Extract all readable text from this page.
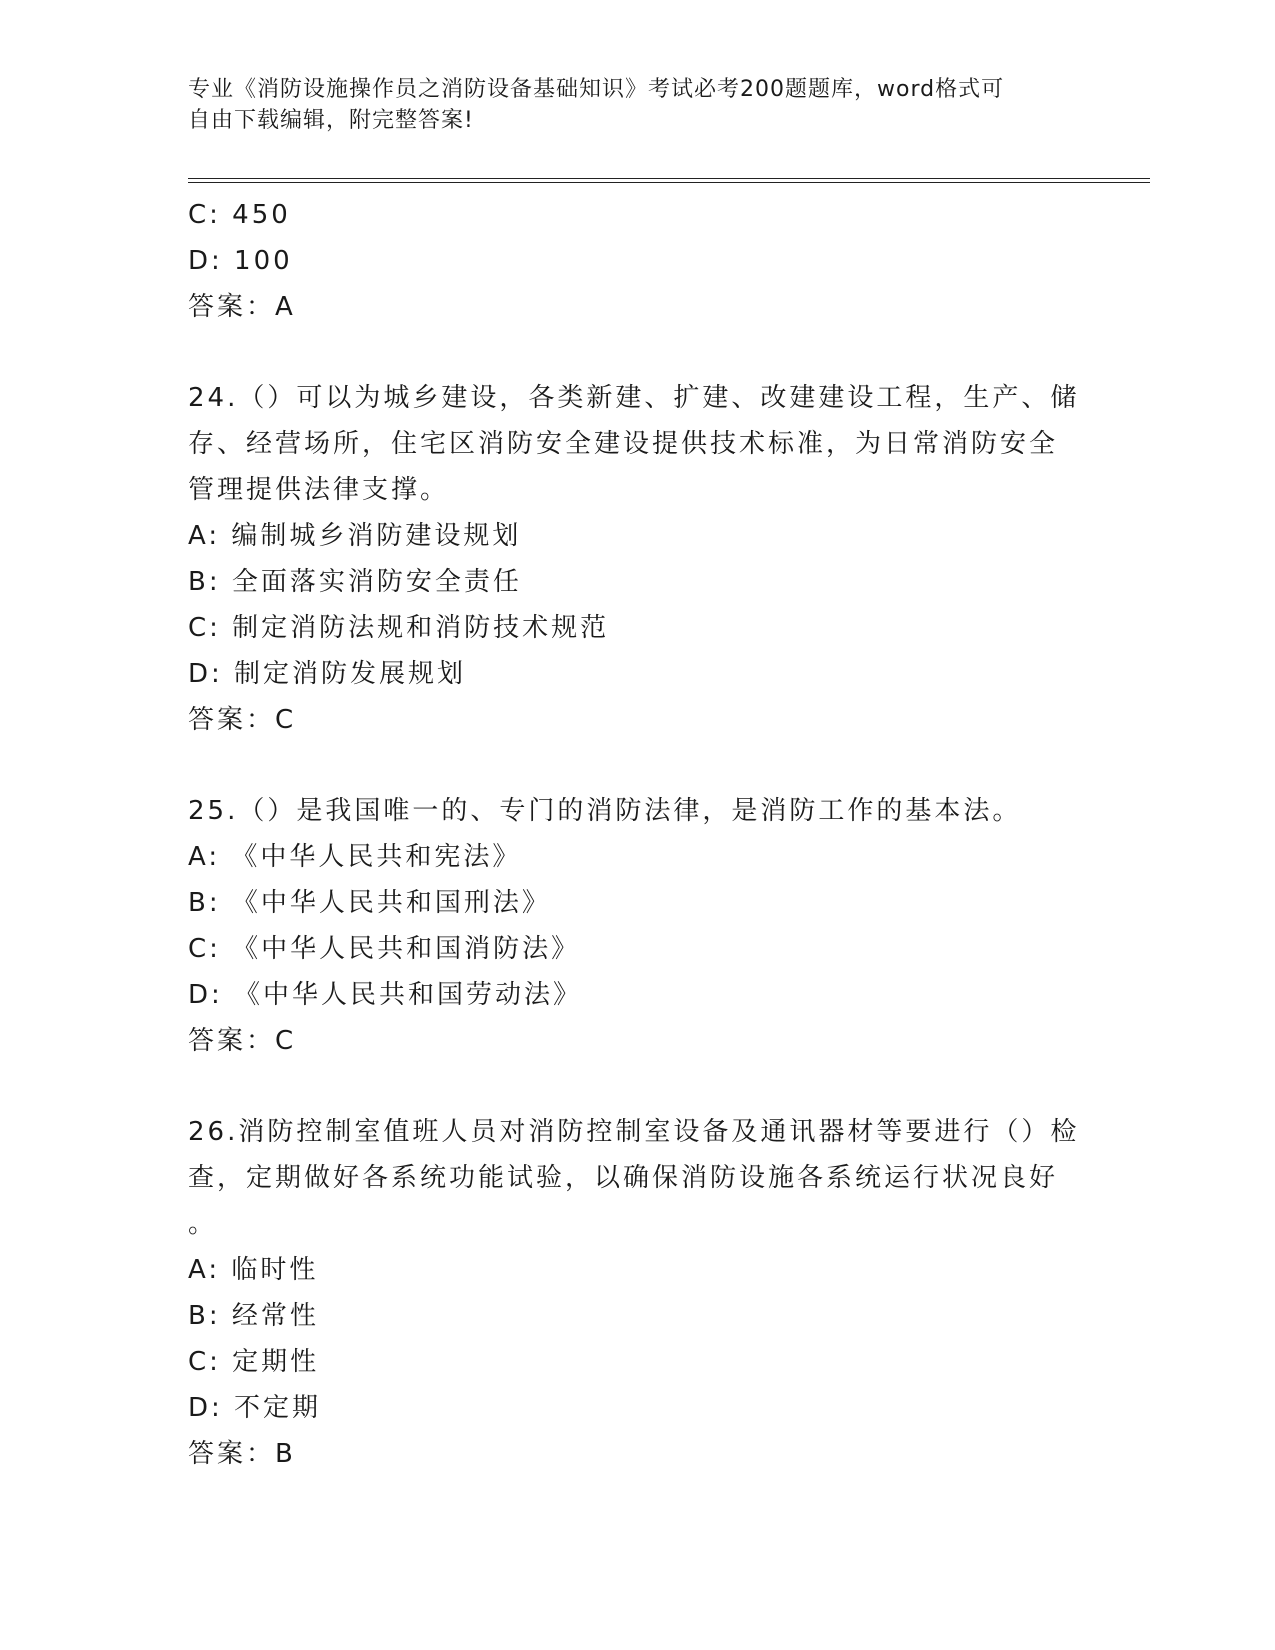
专业《消防设施操作员之消防设备基础知识》考试必考200题题库，word格式可
自由下载编辑，附完整答案!
C: 450
D: 100
答案：A
24.（）可以为城乡建设，各类新建、扩建、改建建设工程，生产、储
存、经营场所，住宅区消防安全建设提供技术标准，为日常消防安全
管理提供法律支撑。
A: 编制城乡消防建设规划
B: 全面落实消防安全责任
C: 制定消防法规和消防技术规范
D: 制定消防发展规划
答案：C
25.（）是我国唯一的、专门的消防法律，是消防工作的基本法。
A: 《中华人民共和宪法》
B: 《中华人民共和国刑法》
C: 《中华人民共和国消防法》
D: 《中华人民共和国劳动法》
答案：C
26.消防控制室值班人员对消防控制室设备及通讯器材等要进行（）检
查，定期做好各系统功能试验，以确保消防设施各系统运行状况良好
。
A: 临时性
B: 经常性
C: 定期性
D: 不定期
答案：B
